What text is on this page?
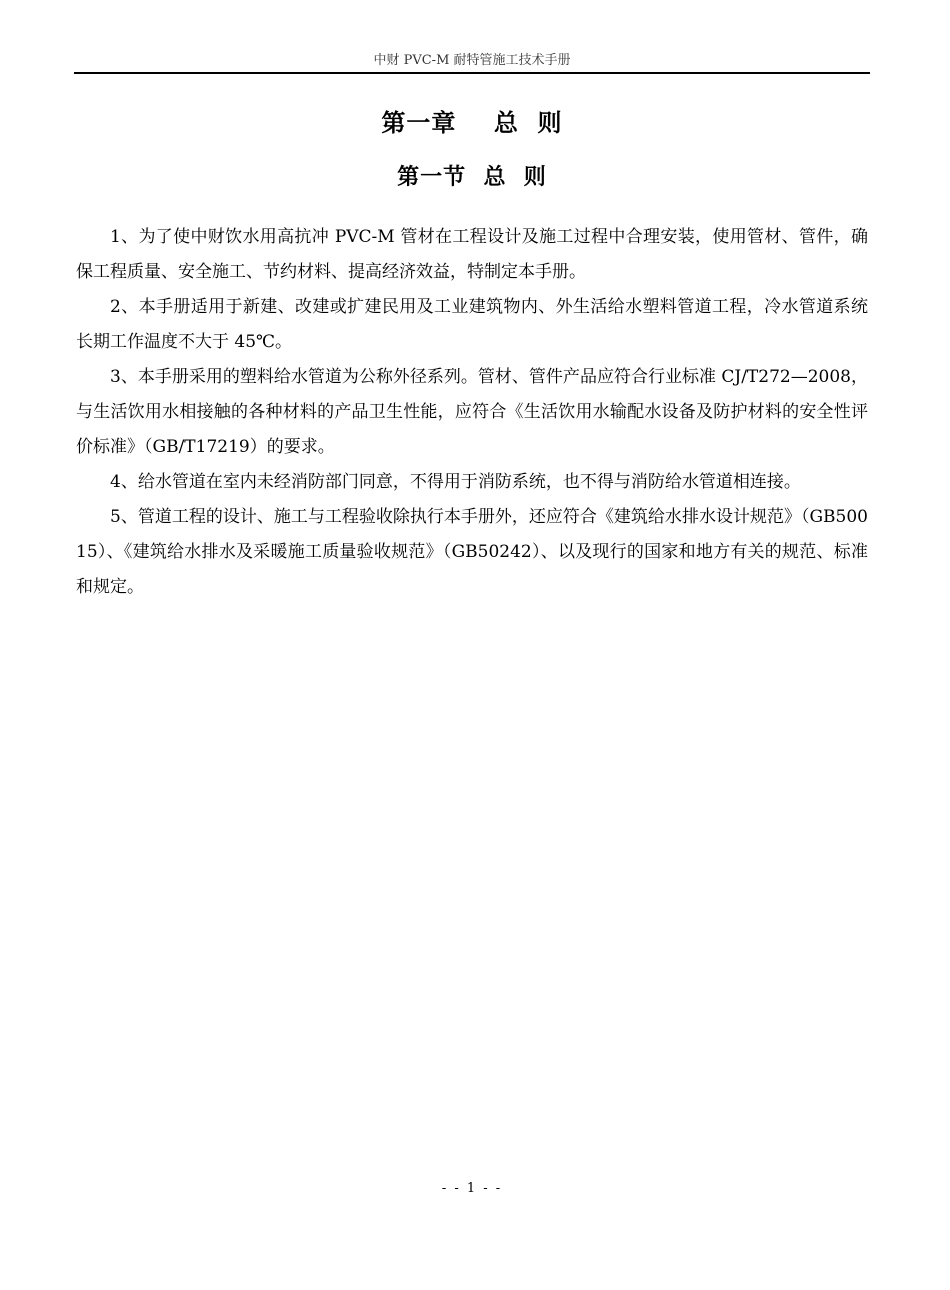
中财 PVC-M 耐特管施工技术手册
第一章    总  则
第一节  总  则

1、为了使中财饮水用高抗冲 PVC-M 管材在工程设计及施工过程中合理安装，使用管材、管件，确保工程质量、安全施工、节约材料、提高经济效益，特制定本手册。

2、本手册适用于新建、改建或扩建民用及工业建筑物内、外生活给水塑料管道工程，冷水管道系统长期工作温度不大于 45℃。

3、本手册采用的塑料给水管道为公称外径系列。管材、管件产品应符合行业标准 CJ/T272—2008，与生活饮用水相接触的各种材料的产品卫生性能，应符合《生活饮用水输配水设备及防护材料的安全性评价标准》（GB/T17219）的要求。

4、给水管道在室内未经消防部门同意，不得用于消防系统，也不得与消防给水管道相连接。

5、管道工程的设计、施工与工程验收除执行本手册外，还应符合《建筑给水排水设计规范》（GB50015）、《建筑给水排水及采暖施工质量验收规范》（GB50242）、以及现行的国家和地方有关的规范、标准和规定。

- - 1 - -
